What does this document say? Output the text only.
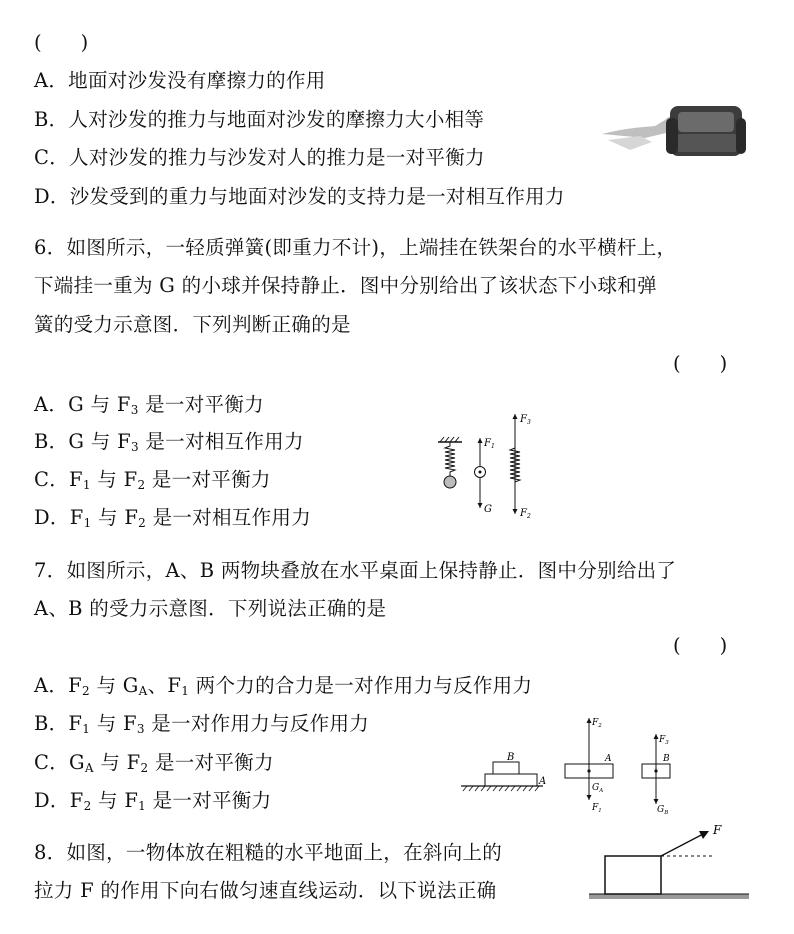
(　　)
A．地面对沙发没有摩擦力的作用
B．人对沙发的推力与地面对沙发的摩擦力大小相等
C．人对沙发的推力与沙发对人的推力是一对平衡力
D．沙发受到的重力与地面对沙发的支持力是一对相互作用力
6．如图所示，一轻质弹簧(即重力不计)，上端挂在铁架台的水平横杆上，
下端挂一重为 G 的小球并保持静止．图中分别给出了该状态下小球和弹
簧的受力示意图．下列判断正确的是
(　　)
A．G 与 $F_3$ 是一对平衡力
B．G 与 $F_3$ 是一对相互作用力
C．$F_1$ 与 $F_2$ 是一对平衡力
D．$F_1$ 与 $F_2$ 是一对相互作用力
$F_1$
G
$F_3$
$F_2$
7．如图所示，A、B 两物块叠放在水平桌面上保持静止．图中分别给出了
A、B 的受力示意图．下列说法正确的是
(　　)
A．$F_2$ 与 $G_A$、$F_1$ 两个力的合力是一对作用力与反作用力
B．$F_1$ 与 $F_3$ 是一对作用力与反作用力
C．$G_A$ 与 $F_2$ 是一对平衡力
D．$F_2$ 与 $F_1$ 是一对平衡力
B
A
$F_2$
A
$G_A$
$F_1$
$F_3$
B
$G_B$
8．如图，一物体放在粗糙的水平地面上，在斜向上的
拉力 F 的作用下向右做匀速直线运动．以下说法正确
F
